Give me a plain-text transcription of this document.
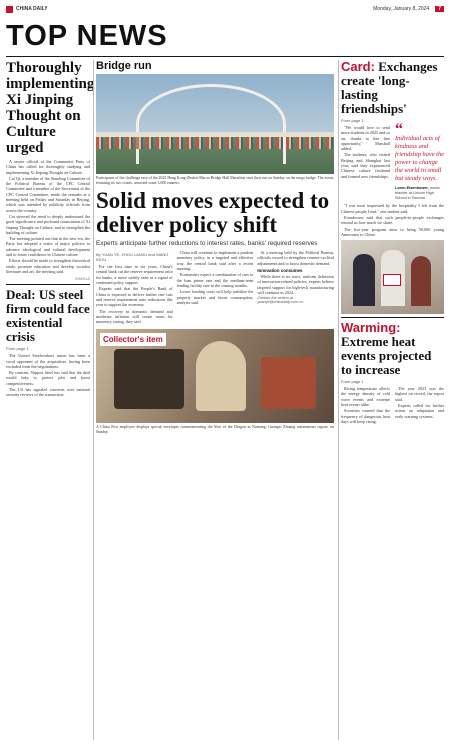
CHINA DAILY	Monday, January 8, 2024	7
TOP NEWS
Thoroughly implementing Xi Jinping Thought on Culture urged

A senior official of the Communist Party of China has called for thoroughly studying and implementing Xi Jinping Thought on Culture.

Cai Qi, a member of the Standing Committee of the Political Bureau of the CPC Central Committee and a member of the Secretariat of the CPC Central Committee, made the remarks at a meeting held on Friday and Saturday in Beijing, which was attended by publicity officials from across the country.

Cai stressed the need to deeply understand the great significance and profound connotation of Xi Jinping Thought on Culture, and to strengthen the building of culture.

The meeting pointed out that in the new era, the Party has adopted a series of major policies to advance ideological and cultural development and to foster confidence in Chinese culture.

Efforts should be made to strengthen theoretical study, promote education and develop socialist literature and art, the meeting said.

XINHUA
Deal: US steel firm could face existential crisis
From page 1

The United Steelworkers union has been a vocal opponent of the acquisition, having been excluded from the negotiations.

By contrast, Nippon Steel has said that the deal would help to protect jobs and boost competitiveness.

The US has signaled concerns over national security reviews of the transaction.

Bridge run
Participants of the challenge race of the 2023 Hong Kong-Zhuhai-Macao Bridge Half Marathon start their run on Sunday on the mega bridge. The event, featuring its two routes, attracted some 3,000 runners.
Solid moves expected to deliver policy shift
Experts anticipate further reductions to interest rates, banks' required reserves
By YUAN YE, ZHOU LANXU and WANG KEJU

For the first time in six years, China's central bank cut the reserve requirement ratio for banks, a move widely seen as a signal of continued policy support.

Experts said that the People's Bank of China is expected to deliver further rate cuts and reserve requirement ratio reductions this year to support the economy.

The recovery in domestic demand and moderate inflation will create room for monetary easing, they said.

China will continue to implement a prudent monetary policy in a targeted and effective way, the central bank said after a recent meeting.

Economists expect a combination of cuts to the loan prime rate and the medium-term lending facility rate in the coming months.

Lower funding costs will help stabilize the property market and boost consumption, analysts said.

At a meeting held by the Political Bureau, officials vowed to strengthen counter-cyclical adjustments and to boost domestic demand.

Innovation consumes

While there is no strict, uniform definition of innovation-related policies, experts believe targeted support for high-tech manufacturing will continue in 2024.

Contact the writers at yuanye@chinadaily.com.cn
Collector's item
A China Post employee displays special envelopes commemorating the Year of the Dragon in Nanning, Guangxi Zhuang autonomous region, on Sunday.
Card: Exchanges create 'long-lasting friendships'
From page 1

"We would love to send more students in 2025 and so on, thanks to this fine opportunity," Marshall added.

The students, who visited Beijing and Shanghai last year, said they experienced Chinese culture firsthand and formed new friendships.

“
Individual acts of kindness and friendship have the power to change the world in small but steady ways.
Loren Eisenhower, music teacher at Lincoln High School in Tacoma

"I was most impressed by the hospitality I felt from the Chinese people I met," one student said.

Eisenhower said that such people-to-people exchanges remind us how much we share.

The five-year program aims to bring 50,000 young Americans to China.

Warming: Extreme heat events projected to increase
From page 1

Rising temperature affects the energy density of cold wave events and extreme heat events alike.

Scientists warned that the frequency of dangerous heat days will keep rising.

The year 2023 was the highest on record, the report said.

Experts called for further action on adaptation and early warning systems.
